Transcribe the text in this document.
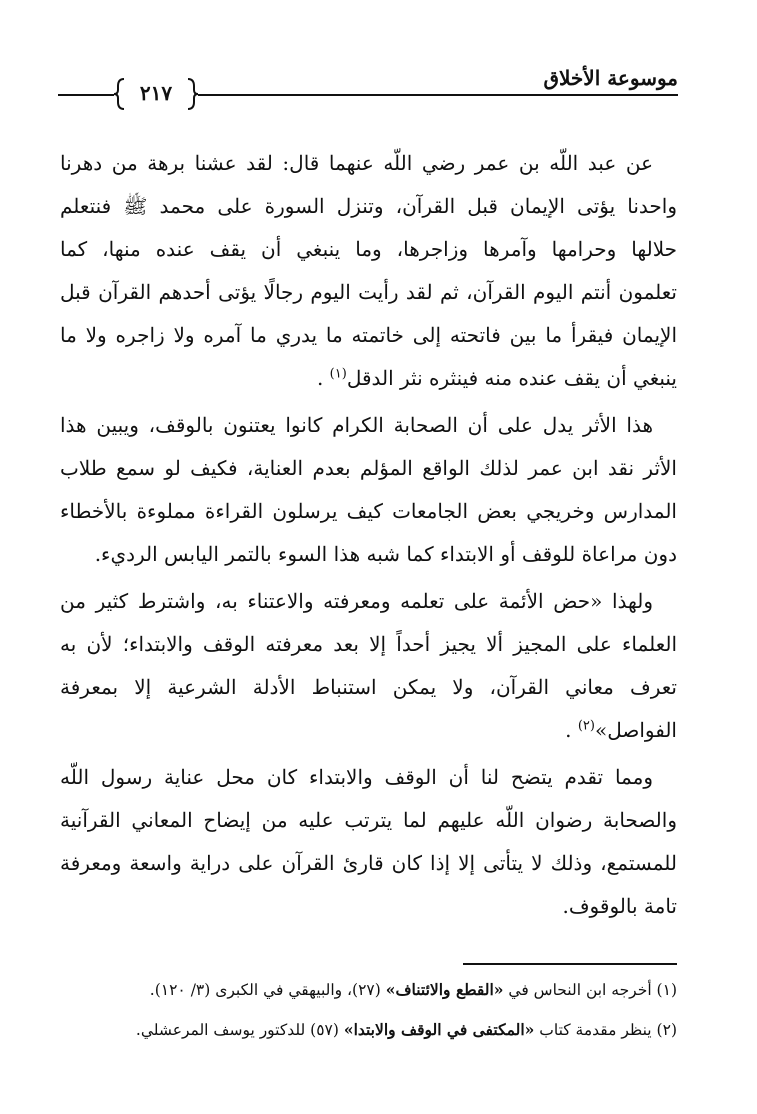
موسوعة الأخلاق
٢١٧
عن عبد اللّه بن عمر رضي اللّه عنهما قال: لقد عشنا برهة من دهرنا
واحدنا يؤتى الإيمان قبل القرآن، وتنزل السورة على محمد ﷺ فنتعلم
حلالها وحرامها وآمرها وزاجرها، وما ينبغي أن يقف عنده منها، كما
تعلمون أنتم اليوم القرآن، ثم لقد رأيت اليوم رجالًا يؤتى أحدهم القرآن قبل
الإيمان فيقرأ ما بين فاتحته إلى خاتمته ما يدري ما آمره ولا زاجره ولا ما
ينبغي أن يقف عنده منه فينثره نثر الدقل$^{(١)}$ .
هذا الأثر يدل على أن الصحابة الكرام كانوا يعتنون بالوقف، ويبين هذا
الأثر نقد ابن عمر لذلك الواقع المؤلم بعدم العناية، فكيف لو سمع طلاب
المدارس وخريجي بعض الجامعات كيف يرسلون القراءة مملوءة بالأخطاء
دون مراعاة للوقف أو الابتداء كما شبه هذا السوء بالتمر اليابس الرديء.
ولهذا «حض الأئمة على تعلمه ومعرفته والاعتناء به، واشترط كثير من
العلماء على المجيز ألا يجيز أحداً إلا بعد معرفته الوقف والابتداء؛ لأن به
تعرف معاني القرآن، ولا يمكن استنباط الأدلة الشرعية إلا بمعرفة
الفواصل»$^{(٢)}$ .
ومما تقدم يتضح لنا أن الوقف والابتداء كان محل عناية رسول اللّه
والصحابة رضوان اللّه عليهم لما يترتب عليه من إيضاح المعاني القرآنية
للمستمع، وذلك لا يتأتى إلا إذا كان قارئ القرآن على دراية واسعة ومعرفة
تامة بالوقوف.
(١) أخرجه ابن النحاس في «القطع والائتناف» (٢٧)، والبيهقي في الكبرى (٣/ ١٢٠).
(٢) ينظر مقدمة كتاب «المكتفى في الوقف والابتدا» (٥٧) للدكتور يوسف المرعشلي.
